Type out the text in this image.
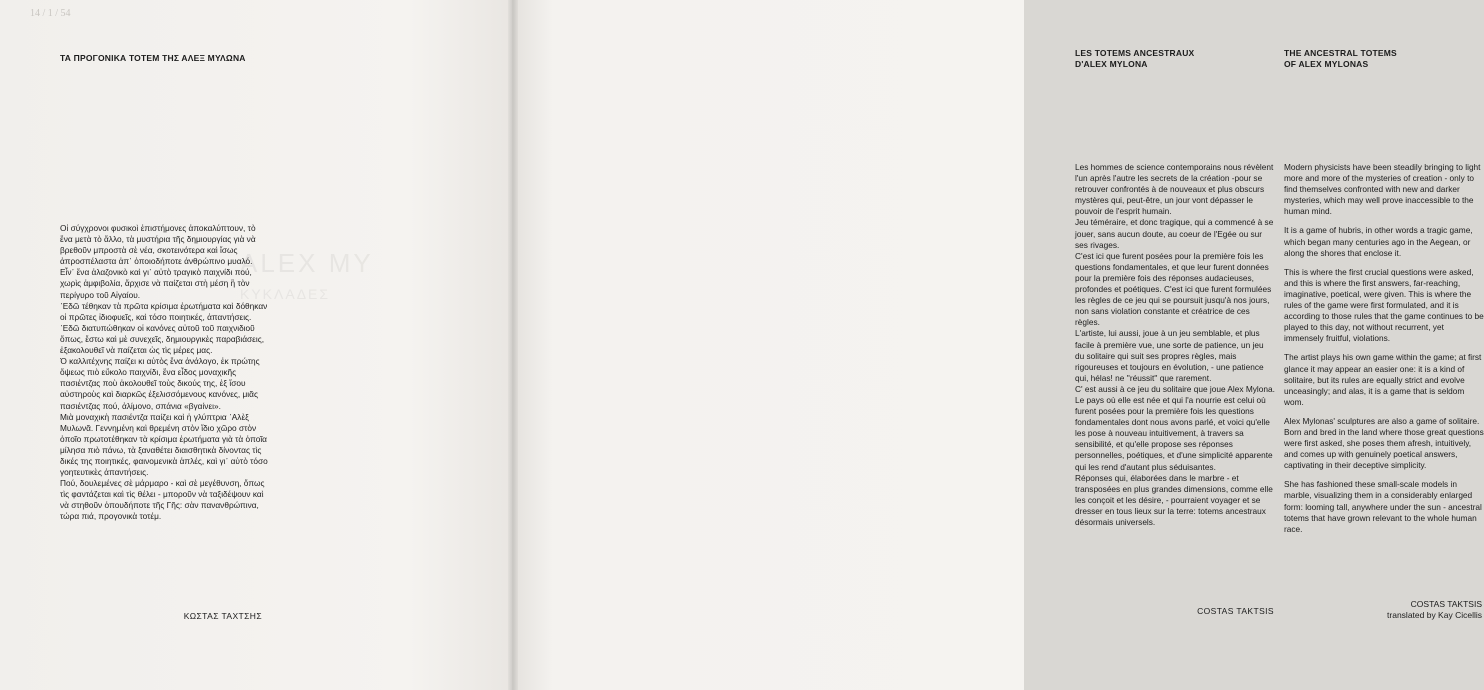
14 / 1 / 54
ΤΑ ΠΡΟΓΟΝΙΚΑ ΤΟΤΕΜ ΤΗΣ ΑΛΕΞ ΜΥΛΩΝΑ
ALEX MY
ΚΥΚΛΑΔΕΣ

Οἱ σύγχρονοι φυσικοὶ ἐπιστήμονες ἀποκαλύπτουν, τὸ ἕνα μετὰ τὸ ἄλλο, τὰ μυστήρια τῆς δημιουργίας γιὰ νὰ βρεθοῦν μπροστὰ σὲ νέα, σκοτεινότερα καὶ ἴσως ἀπροσπέλαστα ἀπ᾽ ὁποιοδήποτε ἀνθρώπινο μυαλό.

Εἶν᾽ ἕνα ἀλαζονικὸ καὶ γι᾽ αὐτὸ τραγικὸ παιχνίδι πού, χωρὶς ἀμφιβολία, ἄρχισε νὰ παίζεται στὴ μέση ἢ τὸν περίγυρο τοῦ Αἰγαίου.

᾽Εδῶ τέθηκαν τὰ πρῶτα κρίσιμα ἐρωτήματα καὶ δόθηκαν οἱ πρῶτες ἰδιοφυεῖς, καὶ τόσο ποιητικές, ἀπαντήσεις. ᾽Εδῶ διατυπώθηκαν οἱ κανόνες αὐτοῦ τοῦ παιχνιδιοῦ ὅπως, ἔστω καὶ μὲ συνεχεῖς, δημιουργικὲς παραβιάσεις, ἐξακολουθεῖ νὰ παίζεται ὡς τὶς μέρες μας.

Ὁ καλλιτέχνης παίζει κι αὐτὸς ἕνα ἀνάλογο, ἐκ πρώτης ὄψεως πιὸ εὔκολο παιχνίδι, ἕνα εἶδος μοναχικῆς πασιέντζας ποὺ ἀκολουθεῖ τοὺς δικούς της, ἐξ ἴσου αὐστηροὺς καὶ διαρκῶς ἐξελισσόμενους κανόνες, μιᾶς πασιέντζας πού, ἀλίμονο, σπάνια «βγαίνει».

Μιὰ μοναχικὴ πασιέντζα παίζει καὶ ἡ γλύπτρια ᾽Αλὲξ Μυλωνᾶ. Γεννημένη καὶ θρεμένη στὸν ἴδιο χῶρο στὸν ὁποῖο πρωτοτέθηκαν τὰ κρίσιμα ἐρωτήματα γιὰ τὰ ὁποῖα μίλησα πιὸ πάνω, τὰ ξαναθέτει διαισθητικὰ δίνοντας τὶς δικές της ποιητικές, φαινομενικὰ ἁπλές, καὶ γι᾽ αὐτὸ τόσο γοητευτικὲς ἀπαντήσεις.

Πού, δουλεμένες σὲ μάρμαρο - καὶ σὲ μεγέθυνση, ὅπως τὶς φαντάζεται καὶ τὶς θέλει - μποροῦν νὰ ταξιδέψουν καὶ νὰ στηθοῦν ὁπουδήποτε τῆς Γῆς: σὰν πανανθρώπινα, τώρα πιά, προγονικὰ τοτέμ.

ΚΩΣΤΑΣ ΤΑΧΤΣΗΣ
LES TOTEMS ANCESTRAUX
D'ALEX MYLONA
THE ANCESTRAL TOTEMS
OF ALEX MYLONAS

Les hommes de science contemporains nous révèlent l'un après l'autre les secrets de la création -pour se retrouver confrontés à de nouveaux et plus obscurs mystères qui, peut-être, un jour vont dépasser le pouvoir de l'esprit humain.

Jeu téméraire, et donc tragique, qui a commencé à se jouer, sans aucun doute, au coeur de l'Egée ou sur ses rivages.

C'est ici que furent posées pour la première fois les questions fondamentales, et que leur furent données pour la première fois des réponses audacieuses, profondes et poétiques. C'est ici que furent formulées les règles de ce jeu qui se poursuit jusqu'à nos jours, non sans violation constante et créatrice de ces règles.

L'artiste, lui aussi, joue à un jeu semblable, et plus facile à première vue, une sorte de patience, un jeu du solitaire qui suit ses propres règles, mais rigoureuses et toujours en évolution, - une patience qui, hélas! ne ''réussit'' que rarement.

C' est aussi à ce jeu du solitaire que joue Alex Mylona. Le pays où elle est née et qui l'a nourrie est celui où furent posées pour la première fois les questions fondamentales dont nous avons parlé, et voici qu'elle les pose à nouveau intuitivement, à travers sa sensibilité, et qu'elle propose ses réponses personnelles, poétiques, et d'une simplicité apparente qui les rend d'autant plus séduisantes.

Réponses qui, élaborées dans le marbre - et transposées en plus grandes dimensions, comme elle les conçoit et les désire, - pourraient voyager et se dresser en tous lieux sur la terre: totems ancestraux désormais universels.

COSTAS TAKTSIS

Modern physicists have been steadily bringing to light more and more of the mysteries of creation - only to find themselves confronted with new and darker mysteries, which may well prove inaccessible to the human mind.

It is a game of hubris, in other words a tragic game, which began many centuries ago in the Aegean, or along the shores that enclose it.

This is where the first crucial questions were asked, and this is where the first answers, far-reaching, imaginative, poetical, were given. This is where the rules of the game were first formulated, and it is according to those rules that the game continues to be played to this day, not without recurrent, yet immensely fruitful, violations.

The artist plays his own game within the game; at first glance it may appear an easier one: it is a kind of solitaire, but its rules are equally strict and evolve unceasingly; and alas, it is a game that is seldom wom.

Alex Mylonas' sculptures are also a game of solitaire. Born and bred in the land where those great questions were first asked, she poses them afresh, intuitively, and comes up with genuinely poetical answers, captivating in their deceptive simplicity.

She has fashioned these small-scale models in marble, visualizing them in a considerably enlarged form: looming tall, anywhere under the sun - ancestral totems that have grown relevant to the whole human race.

COSTAS TAKTSIS
translated by Kay Cicellis
